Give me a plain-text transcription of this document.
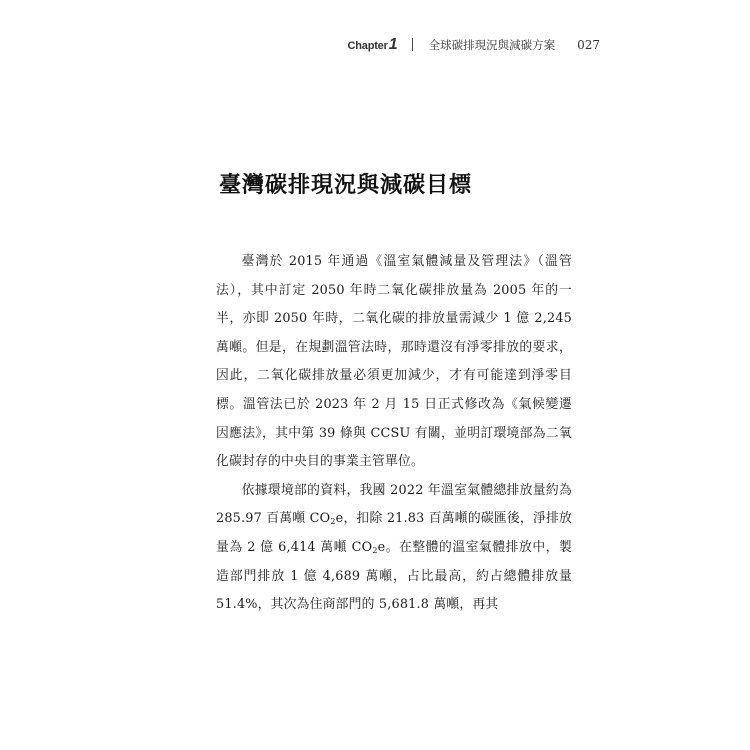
Chapter1	全球碳排現況與減碳方案 027
臺灣碳排現況與減碳目標

臺灣於 2015 年通過《溫室氣體減量及管理法》（溫管法），其中訂定 2050 年時二氧化碳排放量為 2005 年的一半，亦即 2050 年時，二氧化碳的排放量需減少 1 億 2,245 萬噸。但是，在規劃溫管法時，那時還沒有淨零排放的要求，因此，二氧化碳排放量必須更加減少，才有可能達到淨零目標。溫管法已於 2023 年 2 月 15 日正式修改為《氣候變遷因應法》，其中第 39 條與 CCSU 有關，並明訂環境部為二氧化碳封存的中央目的事業主管單位。

依據環境部的資料，我國 2022 年溫室氣體總排放量約為 285.97 百萬噸 $CO_2e$，扣除 21.83 百萬噸的碳匯後，淨排放量為 2 億 6,414 萬噸 $CO_2e$。在整體的溫室氣體排放中，製造部門排放 1 億 4,689 萬噸，占比最高，約占總體排放量 51.4%，其次為住商部門的 5,681.8 萬噸，再其
